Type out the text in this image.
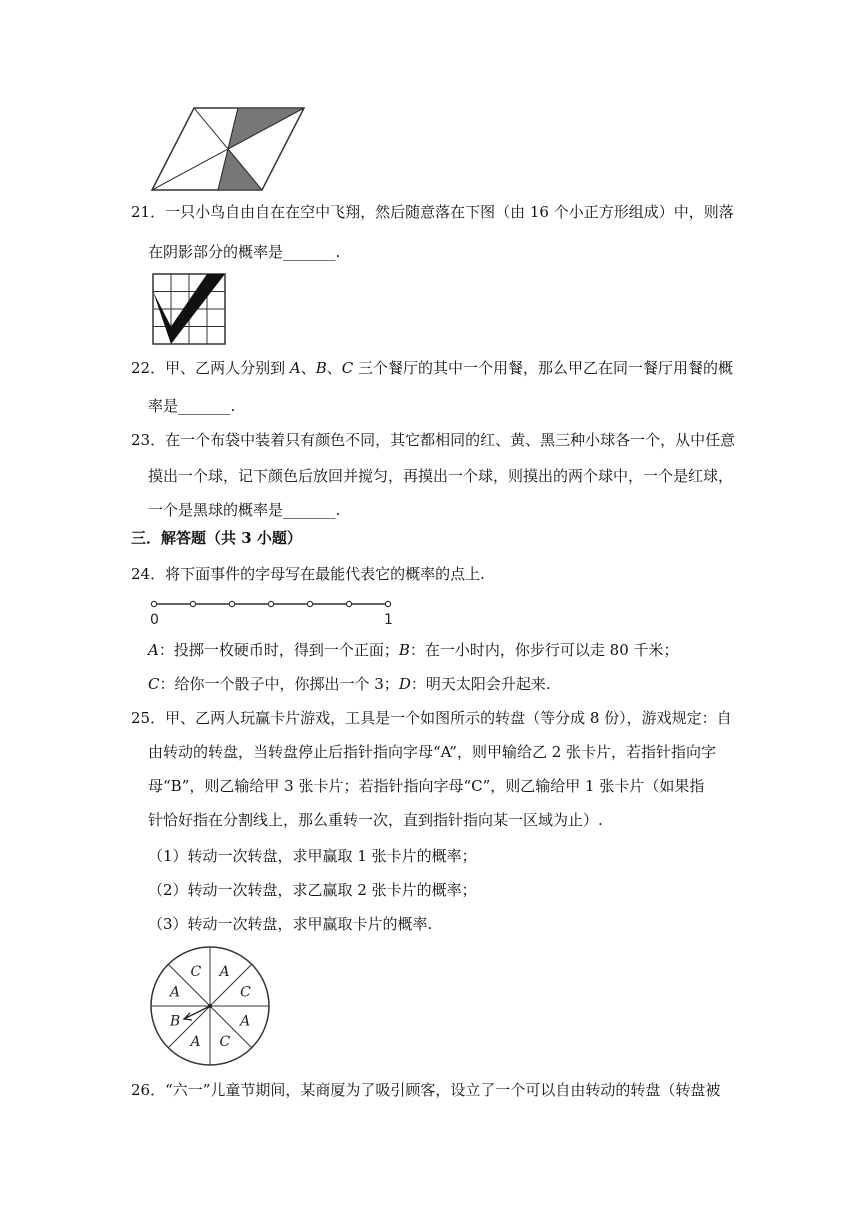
21．一只小鸟自由自在在空中飞翔，然后随意落在下图（由 16 个小正方形组成）中，则落
在阴影部分的概率是_______.
22．甲、乙两人分别到 A、B、C 三个餐厅的其中一个用餐，那么甲乙在同一餐厅用餐的概
率是_______.
23．在一个布袋中装着只有颜色不同，其它都相同的红、黄、黑三种小球各一个，从中任意
摸出一个球，记下颜色后放回并搅匀，再摸出一个球，则摸出的两个球中，一个是红球，
一个是黑球的概率是_______.
三．解答题（共 3 小题）
24．将下面事件的字母写在最能代表它的概率的点上.
0	1
A：投掷一枚硬币时，得到一个正面；B：在一小时内，你步行可以走 80 千米；
C：给你一个骰子中，你掷出一个 3；D：明天太阳会升起来.
25．甲、乙两人玩赢卡片游戏，工具是一个如图所示的转盘（等分成 8 份），游戏规定：自
由转动的转盘，当转盘停止后指针指向字母“A”，则甲输给乙 2 张卡片，若指针指向字
母“B”，则乙输给甲 3 张卡片；若指针指向字母“C”，则乙输给甲 1 张卡片（如果指
针恰好指在分割线上，那么重转一次，直到指针指向某一区域为止）.
（1）转动一次转盘，求甲赢取 1 张卡片的概率；
（2）转动一次转盘，求乙赢取 2 张卡片的概率；
（3）转动一次转盘，求甲赢取卡片的概率.
C A
C
A
C
A
B
A
26．“六一”儿童节期间，某商厦为了吸引顾客，设立了一个可以自由转动的转盘（转盘被
